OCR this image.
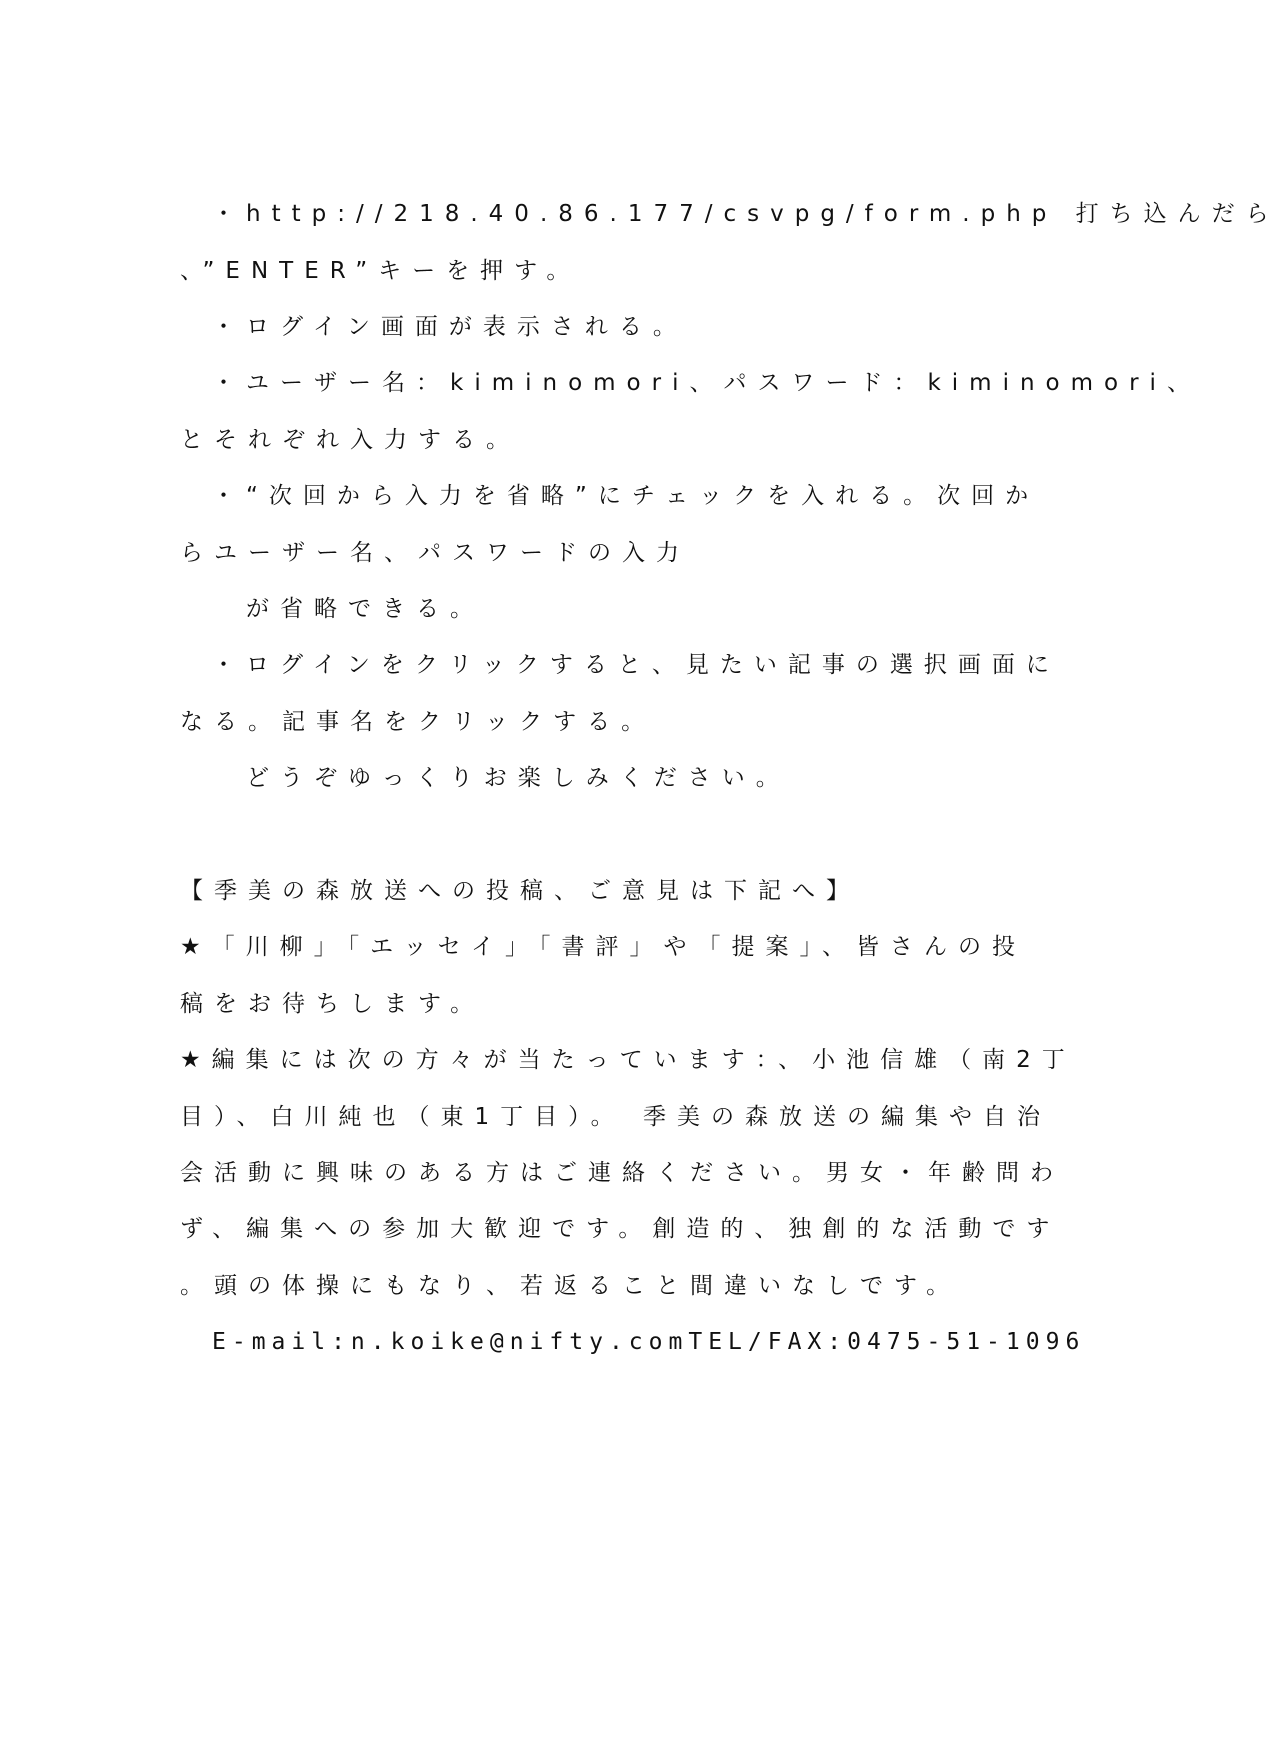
・http://218.40.86.177/csvpg/form.php 打ち込んだら
、”ENTER”キーを押す。
・ログイン画面が表示される。
・ユーザー名：kiminomori、パスワード：kiminomori、
とそれぞれ入力する。
・“次回から入力を省略”にチェックを入れる。次回か
らユーザー名、パスワードの入力
が省略できる。
・ログインをクリックすると、見たい記事の選択画面に
なる。記事名をクリックする。
どうぞゆっくりお楽しみください。
【季美の森放送への投稿、ご意見は下記へ】
★「川柳」「エッセイ」「書評」や「提案」、皆さんの投
稿をお待ちします。
★編集には次の方々が当たっています：、小池信雄（南2丁
目）、白川純也（東1丁目）。 季美の森放送の編集や自治
会活動に興味のある方はご連絡ください。男女・年齢問わ
ず、編集への参加大歓迎です。創造的、独創的な活動です
。頭の体操にもなり、若返ること間違いなしです。
E-mail:n.koike@nifty.com TEL/FAX:0475-51-1096
